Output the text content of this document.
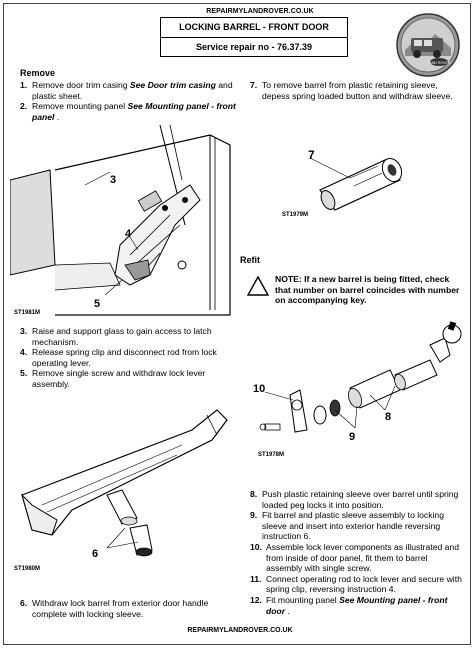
REPAIRMYLANDROVER.CO.UK
LOCKING BARREL - FRONT DOOR
Service repair no - 76.37.39
LAND ROVER
Remove
1. Remove door trim casing See Door trim casing and plastic sheet.
2. Remove mounting panel See Mounting panel - front panel .
3
4
5
ST1981M
3. Raise and support glass to gain access to latch mechanism.
4. Release spring clip and disconnect rod from lock operating lever.
5. Remove single screw and withdraw lock lever assembly.
6
ST1980M
6. Withdraw lock barrel from exterior door handle complete with locking sleeve.
7. To remove barrel from plastic retaining sleeve, depess spring loaded button and withdraw sleeve.
7
ST1979M
Refit
NOTE: If a new barrel is being fitted, check that number on barrel coincides with number on accompanying key.
10
9
8
ST1978M
8. Push plastic retaining sleeve over barrel until spring loaded peg locks it into position.
9. Fit barrel and plastic sleeve assembly to locking sleeve and insert into exterior handle reversing instruction 6.
10. Assemble lock lever components as illustrated and from inside of door panel, fit them to barrel assembly with single screw.
11. Connect operating rod to lock lever and secure with spring clip, reversing instruction 4.
12. Fit mounting panel See Mounting panel - front door .
REPAIRMYLANDROVER.CO.UK
